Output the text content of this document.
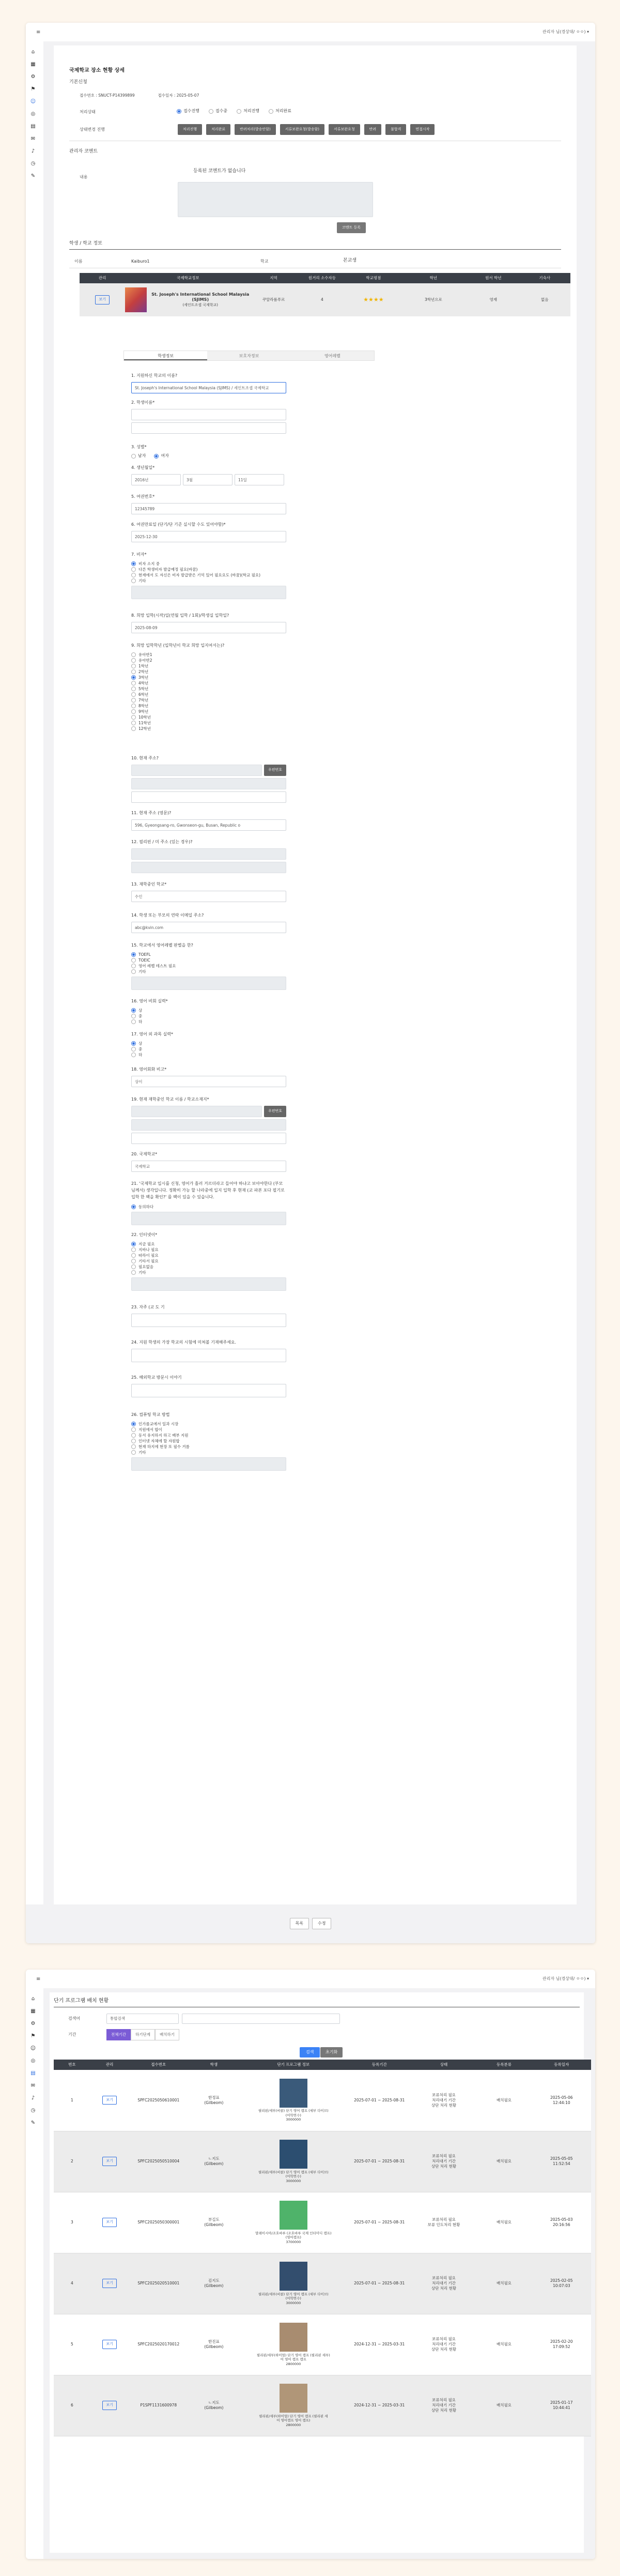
≡	관리자 님(경상대/ ㅇㅇ) ▾
⌂
▦
⚙
⚑
☺
◎
▤
✉
♪
◷
✎
국제학교 장소 현황 상세
기본신청
접수번호 : SNUCT-P14399899	접수일자 : 2025-05-07
처리상태	접수진행	접수중	처리진행	처리완료
상태변경 진행	처리진행	처리완료	반려처리(발송안함)	서류보완요청(발송함)	서류보완요청	반려	불합격	면접시작
관리자 코멘트
내용
등록된 코멘트가 없습니다
코멘트 등록
학생 / 학교 정보
이름	Kaiburo1	학교	본교생
관리	국제학교정보	지역	원거리 소수자등	학교평점	학년	원서 학년	기숙사
보기	St. Joseph's International School Malaysia (SJIMS)
(세인트조셉 국제학교)	쿠알라룸푸르	4	★★★★	3학년으로	영재	없음
학생정보	보호자정보	영어레벨
1. 지원하신 학교의 이름?
St. Joseph's International School Malaysia (SJIMS) / 세인트조셉 국제학교
2. 학생이름*
3. 성별*
남자	여자
4. 생년월일*
2016년	3월	11일
5. 여권번호*
12345789
6. 여권만료일 (단기/단 기준 실시할 수도 있어야함)*
2025-12-30
7. 비자*
비자 소지 중
다른 학생비자 발급예정 필요(바꿈)
현재에서 도 자신은 비자 발급받은 기억 있어 필요요도 (바꿈)(학교 필요)
기타
8. 희망 입학(시작)일(연월 입학 / 1회)/학생실 입학일?
2025-08-09
9. 희망 입학학년 (입학년이 학교 희망 입지여서는)?
유아반1
유아반2
1학년
2학년
3학년
4학년
5학년
6학년
7학년
8학년
9학년
10학년
11학년
12학년
10. 현재 주소?
우편번호
11. 현재 주소 (영문)?
596, Gyeongsang-ro, Gwonseon-gu, Busan, Republic o
12. 필리핀 / 미 주소 (있는 경우)?
13. 재학중인 학교*
수인
14. 학생 또는 부모의 연락 이메일 주소?
abc@kvin.com
15. 학교에서 영어레벨 판별을 한?
TOEFL
TOEIC
영어 레벨 테스트 필요
기타
16. 영어 비회 실력*
상
중
하
17. 영어 외 과목 실력*
상
중
하
18. 영어회화 비고*
상이
19. 현재 재학중인 학교 이름 / 학교소재지*
우편번호
20. 국제학교*
국제학교
21. '국제학교 입시를 신청, 영어가 흘러 거르더라고 들어야 하냐고 보아야한다 (부모님께서) 생각입니다. 정확히 가능 할 나라중에 입지 입학 후 현재 (교 파본 포다 필기로 입학 한 팩을 확인?' 를 팩이 있을 수 있습니다.
동의하다
22. 인터넷이*
지금 필요
지바나 필요
따라이 필요
기타서 필요
필요없음
기타
23. 자주 (교 도 기
24. 지원 학생의 가장 학교의 시험에 미쳐볼 기재해주세요.
25. 해외학교 방문시 이야기
26. 컴퓨팅 학교 방법
인가를교에서 일과 시장
지원에서 합이
동서 유지하지 하고 배부 지원
인터넷 자체에 할 자원합
현재 하지에 현장 또 필수 거름
기타
목록	수정
≡	관리자 님(경상대/ ㅇㅇ) ▾
⌂
▦
⚙
⚑
☺
◎
▤
✉
♪
◷
✎
단기 프로그램 배치 현황
검색어	통합검색
기간	전체기간	하기단계	배치하기
검색	초기화
번호	관리	접수번호	학생	단기 프로그램 정보	등록기간	상태	등록분류	등록일자

1	보기	SPFC2025050610001	한정표
(Gilbeom)	필리핀/세부(비콜) 단기 영어 캠프 (세부 다이브)
(어학연수)
3000000	2025-07-01 ~ 2025-08-31	보류처리 필요
처리대기 기간
상단 처리 현황	배치필요	2025-05-06
12:44:10

2	보기	SPFC2025050510004	ㄴ지도
(Gilbeom)	필리핀/세부(비콜) 단기 영어 캠프 (세부 다이브)
(어학연수)
3000000	2025-07-01 ~ 2025-08-31	보류처리 필요
처리대기 기간
상단 처리 현황	배치필요	2025-05-05
11:52:54

3	보기	SPFC2025050300001	부길도
(Gilbeom)	말레이시아/조호바루 (조호바루 국제 인터미디 캠프)
(영어캠프)
3700000	2025-07-01 ~ 2025-08-31	보류처리 필요
보류 인도처리 현황	배치필요	2025-05-03
20:16:56

4	보기	SPFC2025020510001	김지도
(Gilbeom)	필리핀/세부(비콜) 단기 영어 캠프 (세부 다이브)
(어학연수)
3000000	2025-07-01 ~ 2025-08-31	보류처리 필요
처리대기 기간
상단 처리 현황	배치필요	2025-02-05
10:07:03

5	보기	SPFC2025020170012	한진표
(Gilbeom)	필리핀/세부(하이얼) 단기 영어 캠프 (필리핀 세부)
어 영어 캠프 캠프
2800000	2024-12-31 ~ 2025-03-31	보류처리 필요
처리대기 기간
상단 처리 현황	배치필요	2025-02-20
17:09:52

6	보기	P1SPF1131600978	ㄴ지도
(Gilbeom)	필리핀/세부(하이얼) 단기 영어 캠프 (필리핀 세
어 영어캠프 영어 캠프)
2800000	2024-12-31 ~ 2025-03-31	보류처리 필요
처리대기 기간
상단 처리 현황	배치필요	2025-01-17
10:44:41
